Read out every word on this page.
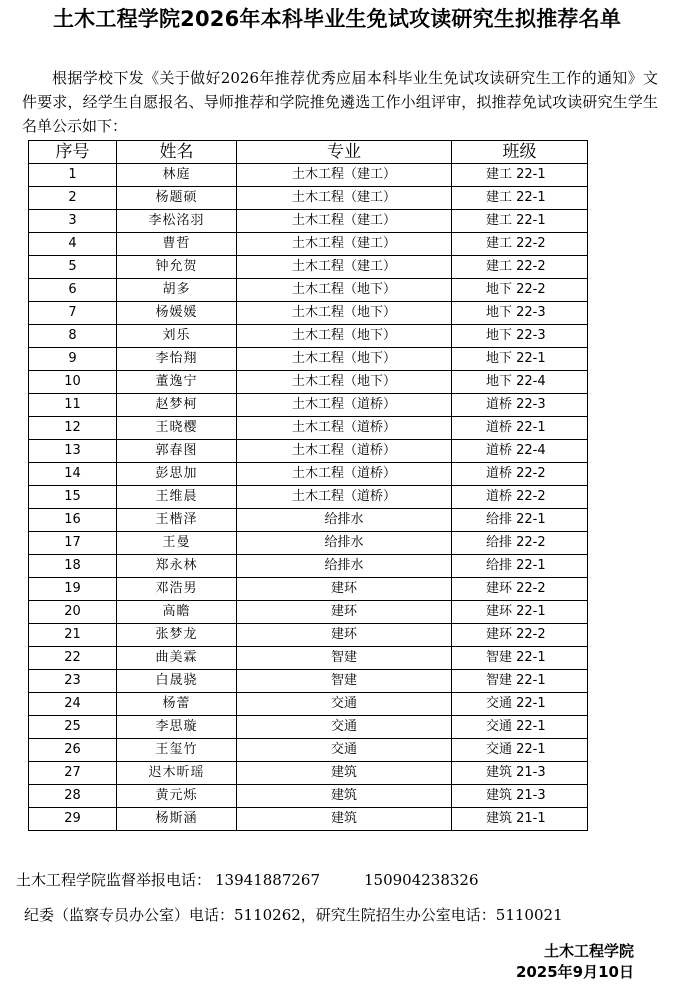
土木工程学院2026年本科毕业生免试攻读研究生拟推荐名单
根据学校下发《关于做好2026年推荐优秀应届本科毕业生免试攻读研究生工作的通知》文件要求，经学生自愿报名、导师推荐和学院推免遴选工作小组评审，拟推荐免试攻读研究生学生名单公示如下：
序号	姓名	专业	班级
1	林庭	土木工程（建工）	建工 22-1
2	杨题硕	土木工程（建工）	建工 22-1
3	李松洺羽	土木工程（建工）	建工 22-1
4	曹哲	土木工程（建工）	建工 22-2
5	钟允贺	土木工程（建工）	建工 22-2
6	胡多	土木工程（地下）	地下 22-2
7	杨媛媛	土木工程（地下）	地下 22-3
8	刘乐	土木工程（地下）	地下 22-3
9	李怡翔	土木工程（地下）	地下 22-1
10	董逸宁	土木工程（地下）	地下 22-4
11	赵梦柯	土木工程（道桥）	道桥 22-3
12	王晓樱	土木工程（道桥）	道桥 22-1
13	郭春图	土木工程（道桥）	道桥 22-4
14	彭思加	土木工程（道桥）	道桥 22-2
15	王维晨	土木工程（道桥）	道桥 22-2
16	王楷泽	给排水	给排 22-1
17	王曼	给排水	给排 22-2
18	郑永林	给排水	给排 22-1
19	邓浩男	建环	建环 22-2
20	高瞻	建环	建环 22-1
21	张梦龙	建环	建环 22-2
22	曲美霖	智建	智建 22-1
23	白晟骁	智建	智建 22-1
24	杨蕾	交通	交通 22-1
25	李思璇	交通	交通 22-1
26	王玺竹	交通	交通 22-1
27	迟木昕瑶	建筑	建筑 21-3
28	黄元烁	建筑	建筑 21-3
29	杨斯涵	建筑	建筑 21-1
土木工程学院监督举报电话： 13941887267	150904238326
纪委（监察专员办公室）电话：5110262，研究生院招生办公室电话：5110021
土木工程学院
2025年9月10日
